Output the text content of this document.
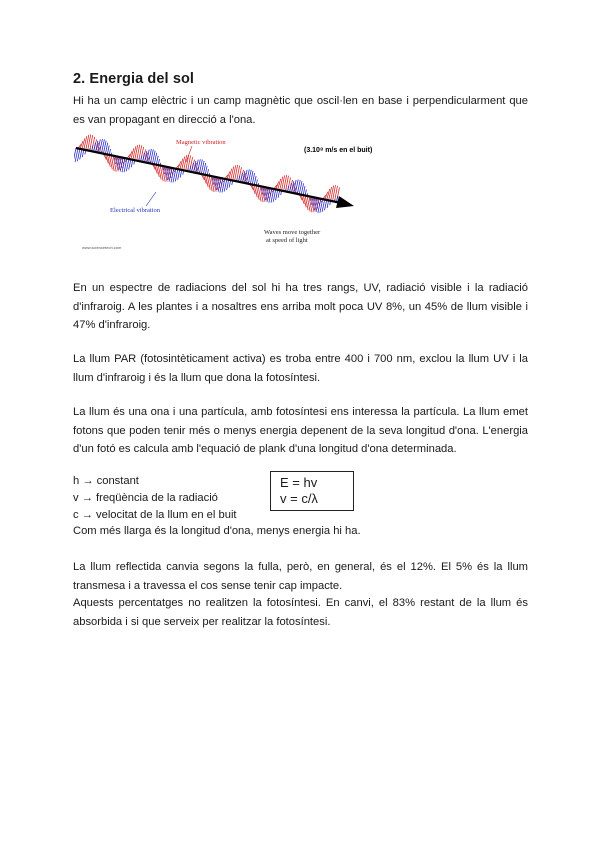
2. Energia del sol

Hi ha un camp elèctric i un camp magnètic que oscil·len en base i perpendicularment que es van propagant en direcció a l'ona.

Magnetic vibration
Electrical vibration
(3.10⁸ m/s en el buit)
Waves move together
at speed of light
www.sciencetech.com

En un espectre de radiacions del sol hi ha tres rangs, UV, radiació visible i la radiació d'infraroig. A les plantes i a nosaltres ens arriba molt poca UV 8%, un 45% de llum visible i 47% d'infraroig.

La llum PAR (fotosintèticament activa) es troba entre 400 i 700 nm, exclou la llum UV i la llum d'infraroig i és la llum que dona la fotosíntesi.

La llum és una ona i una partícula, amb fotosíntesi ens interessa la partícula. La llum emet fotons que poden tenir més o menys energia depenent de la seva longitud d'ona. L'energia d'un fotó es calcula amb l'equació de plank d'una longitud d'ona determinada.

h → constant

v → freqüència de la radiació

c → velocitat de la llum en el buit

Com més llarga és la longitud d'ona, menys energia hi ha.

E = hv
v = c/λ

La llum reflectida canvia segons la fulla, però, en general, és el 12%. El 5% és la llum transmesa i a travessa el cos sense tenir cap impacte.

Aquests percentatges no realitzen la fotosíntesi. En canvi, el 83% restant de la llum és absorbida i si que serveix per realitzar la fotosíntesi.
